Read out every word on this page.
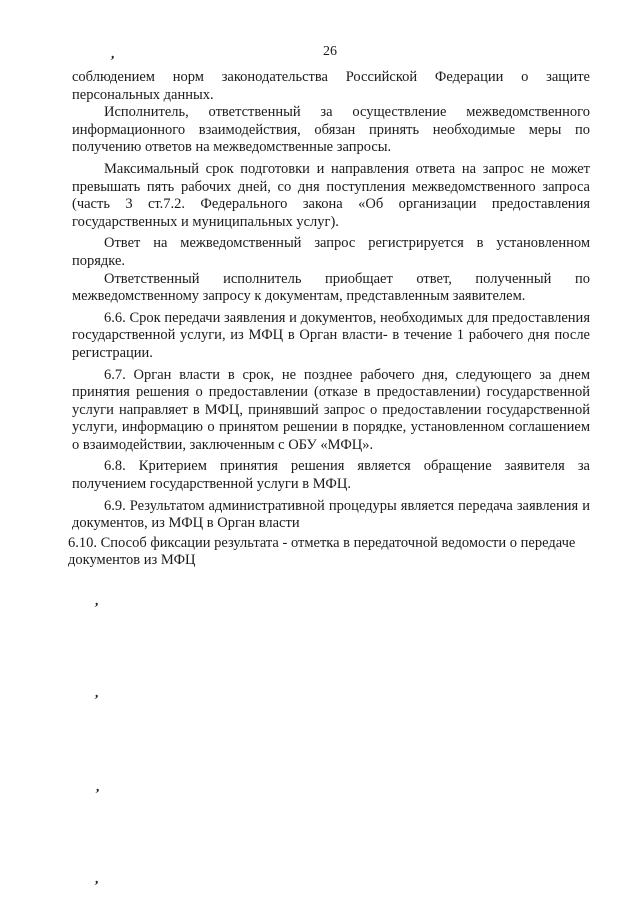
,
,
,
,
,
26

соблюдением норм законодательства Российской Федерации о защите персональных данных.

Исполнитель, ответственный за осуществление межведомственного информационного взаимодействия, обязан принять необходимые меры по получению ответов на межведомственные запросы.

Максимальный срок подготовки и направления ответа на запрос не может превышать пять рабочих дней, со дня поступления межведомственного запроса (часть 3 ст.7.2. Федерального закона «Об организации предоставления государственных и муниципальных услуг).

Ответ на межведомственный запрос регистрируется в установленном порядке.

Ответственный исполнитель приобщает ответ, полученный по межведомственному запросу к документам, представленным заявителем.

6.6. Срок передачи заявления и документов, необходимых для предоставления государственной услуги, из МФЦ в Орган власти- в течение 1 рабочего дня после регистрации.

6.7. Орган власти в срок, не позднее рабочего дня, следующего за днем принятия решения о предоставлении (отказе в предоставлении) государственной услуги направляет в МФЦ, принявший запрос о предоставлении государственной услуги, информацию о принятом решении в порядке, установленном соглашением о взаимодействии, заключенным с ОБУ «МФЦ».

6.8. Критерием принятия решения является обращение заявителя за получением государственной услуги в МФЦ.

6.9. Результатом административной процедуры является передача заявления и документов, из МФЦ в Орган власти

6.10. Способ фиксации результата - отметка в передаточной ведомости о передаче документов из МФЦ
